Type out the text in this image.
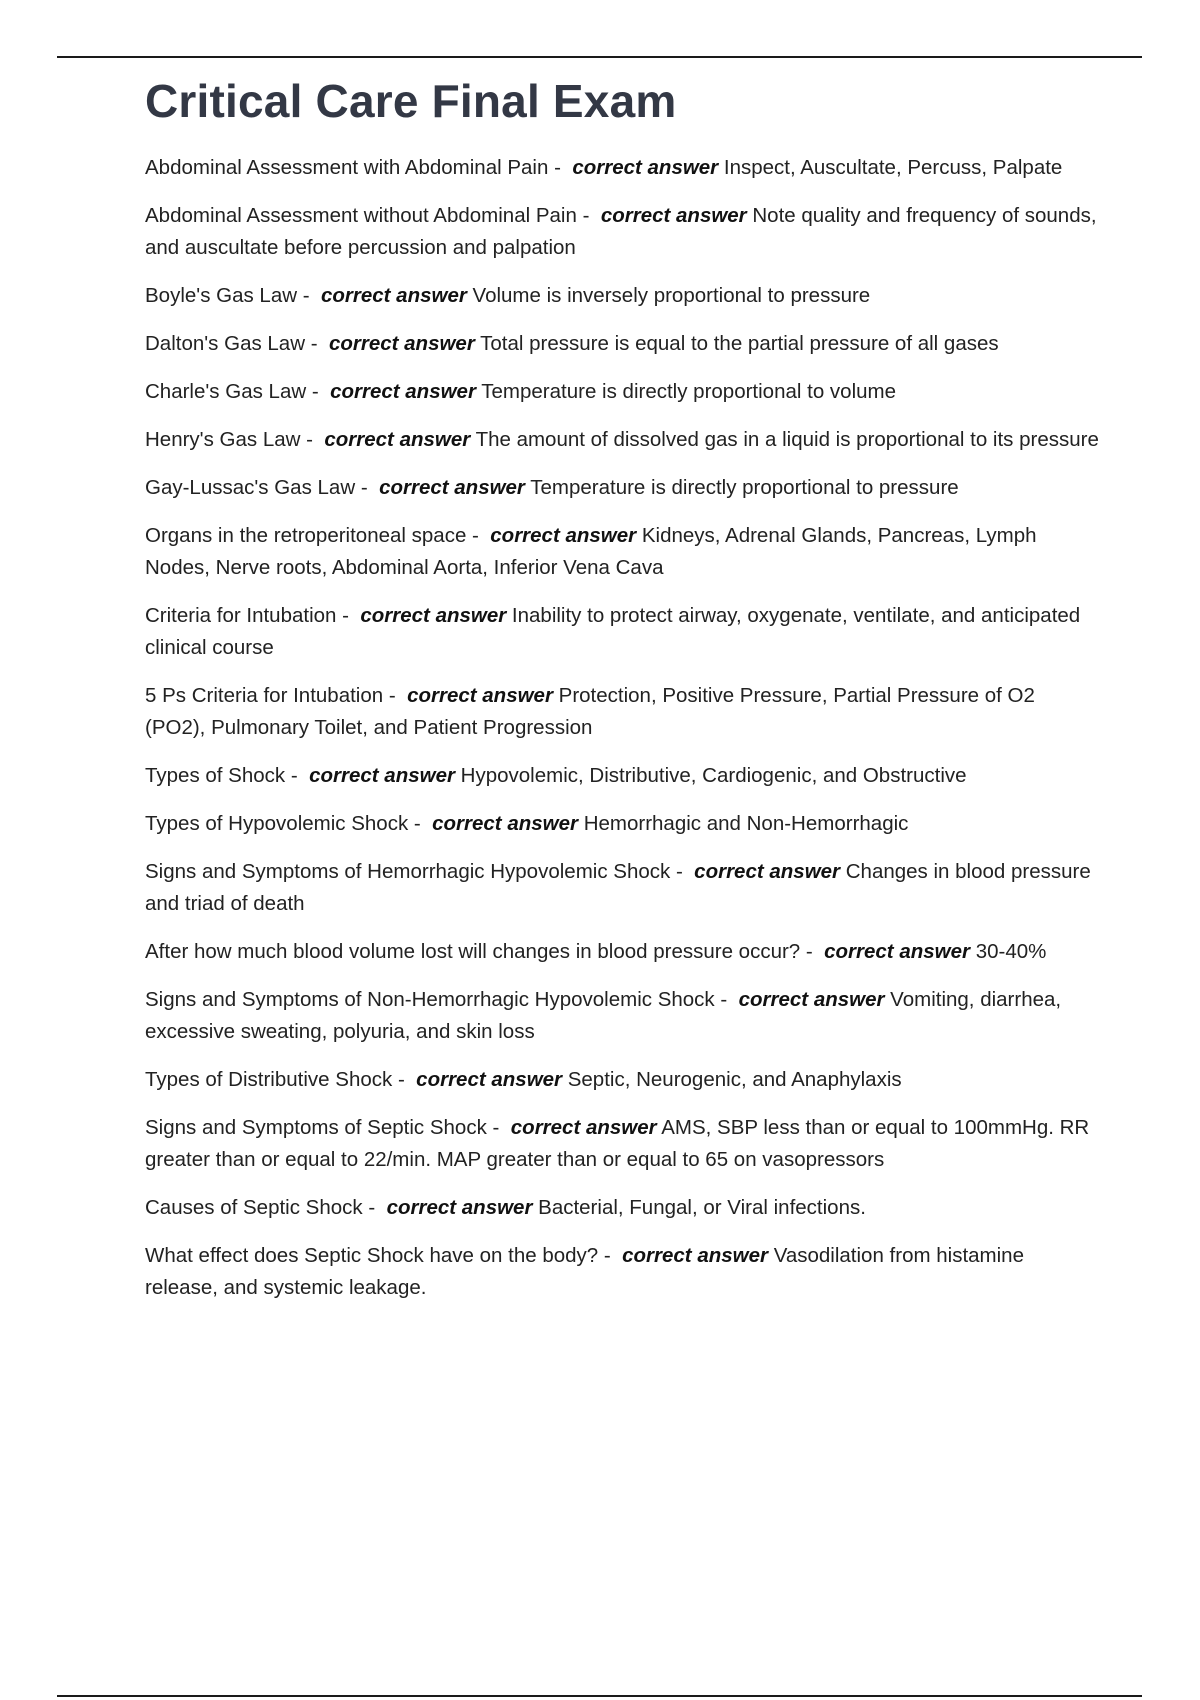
Critical Care Final Exam
Abdominal Assessment with Abdominal Pain -  correct answer Inspect, Auscultate, Percuss, Palpate
Abdominal Assessment without Abdominal Pain -  correct answer Note quality and frequency of sounds, and auscultate before percussion and palpation
Boyle's Gas Law -  correct answer Volume is inversely proportional to pressure
Dalton's Gas Law -  correct answer Total pressure is equal to the partial pressure of all gases
Charle's Gas Law -  correct answer Temperature is directly proportional to volume
Henry's Gas Law -  correct answer The amount of dissolved gas in a liquid is proportional to its pressure
Gay-Lussac's Gas Law -  correct answer Temperature is directly proportional to pressure
Organs in the retroperitoneal space -  correct answer Kidneys, Adrenal Glands, Pancreas, Lymph Nodes, Nerve roots, Abdominal Aorta, Inferior Vena Cava
Criteria for Intubation -  correct answer Inability to protect airway, oxygenate, ventilate, and anticipated clinical course
5 Ps Criteria for Intubation -  correct answer Protection, Positive Pressure, Partial Pressure of O2 (PO2), Pulmonary Toilet, and Patient Progression
Types of Shock -  correct answer Hypovolemic, Distributive, Cardiogenic, and Obstructive
Types of Hypovolemic Shock -  correct answer Hemorrhagic and Non-Hemorrhagic
Signs and Symptoms of Hemorrhagic Hypovolemic Shock -  correct answer Changes in blood pressure and triad of death
After how much blood volume lost will changes in blood pressure occur? -  correct answer 30-40%
Signs and Symptoms of Non-Hemorrhagic Hypovolemic Shock -  correct answer Vomiting, diarrhea, excessive sweating, polyuria, and skin loss
Types of Distributive Shock -  correct answer Septic, Neurogenic, and Anaphylaxis
Signs and Symptoms of Septic Shock -  correct answer AMS, SBP less than or equal to 100mmHg. RR greater than or equal to 22/min. MAP greater than or equal to 65 on vasopressors
Causes of Septic Shock -  correct answer Bacterial, Fungal, or Viral infections.
What effect does Septic Shock have on the body? -  correct answer Vasodilation from histamine release, and systemic leakage.
